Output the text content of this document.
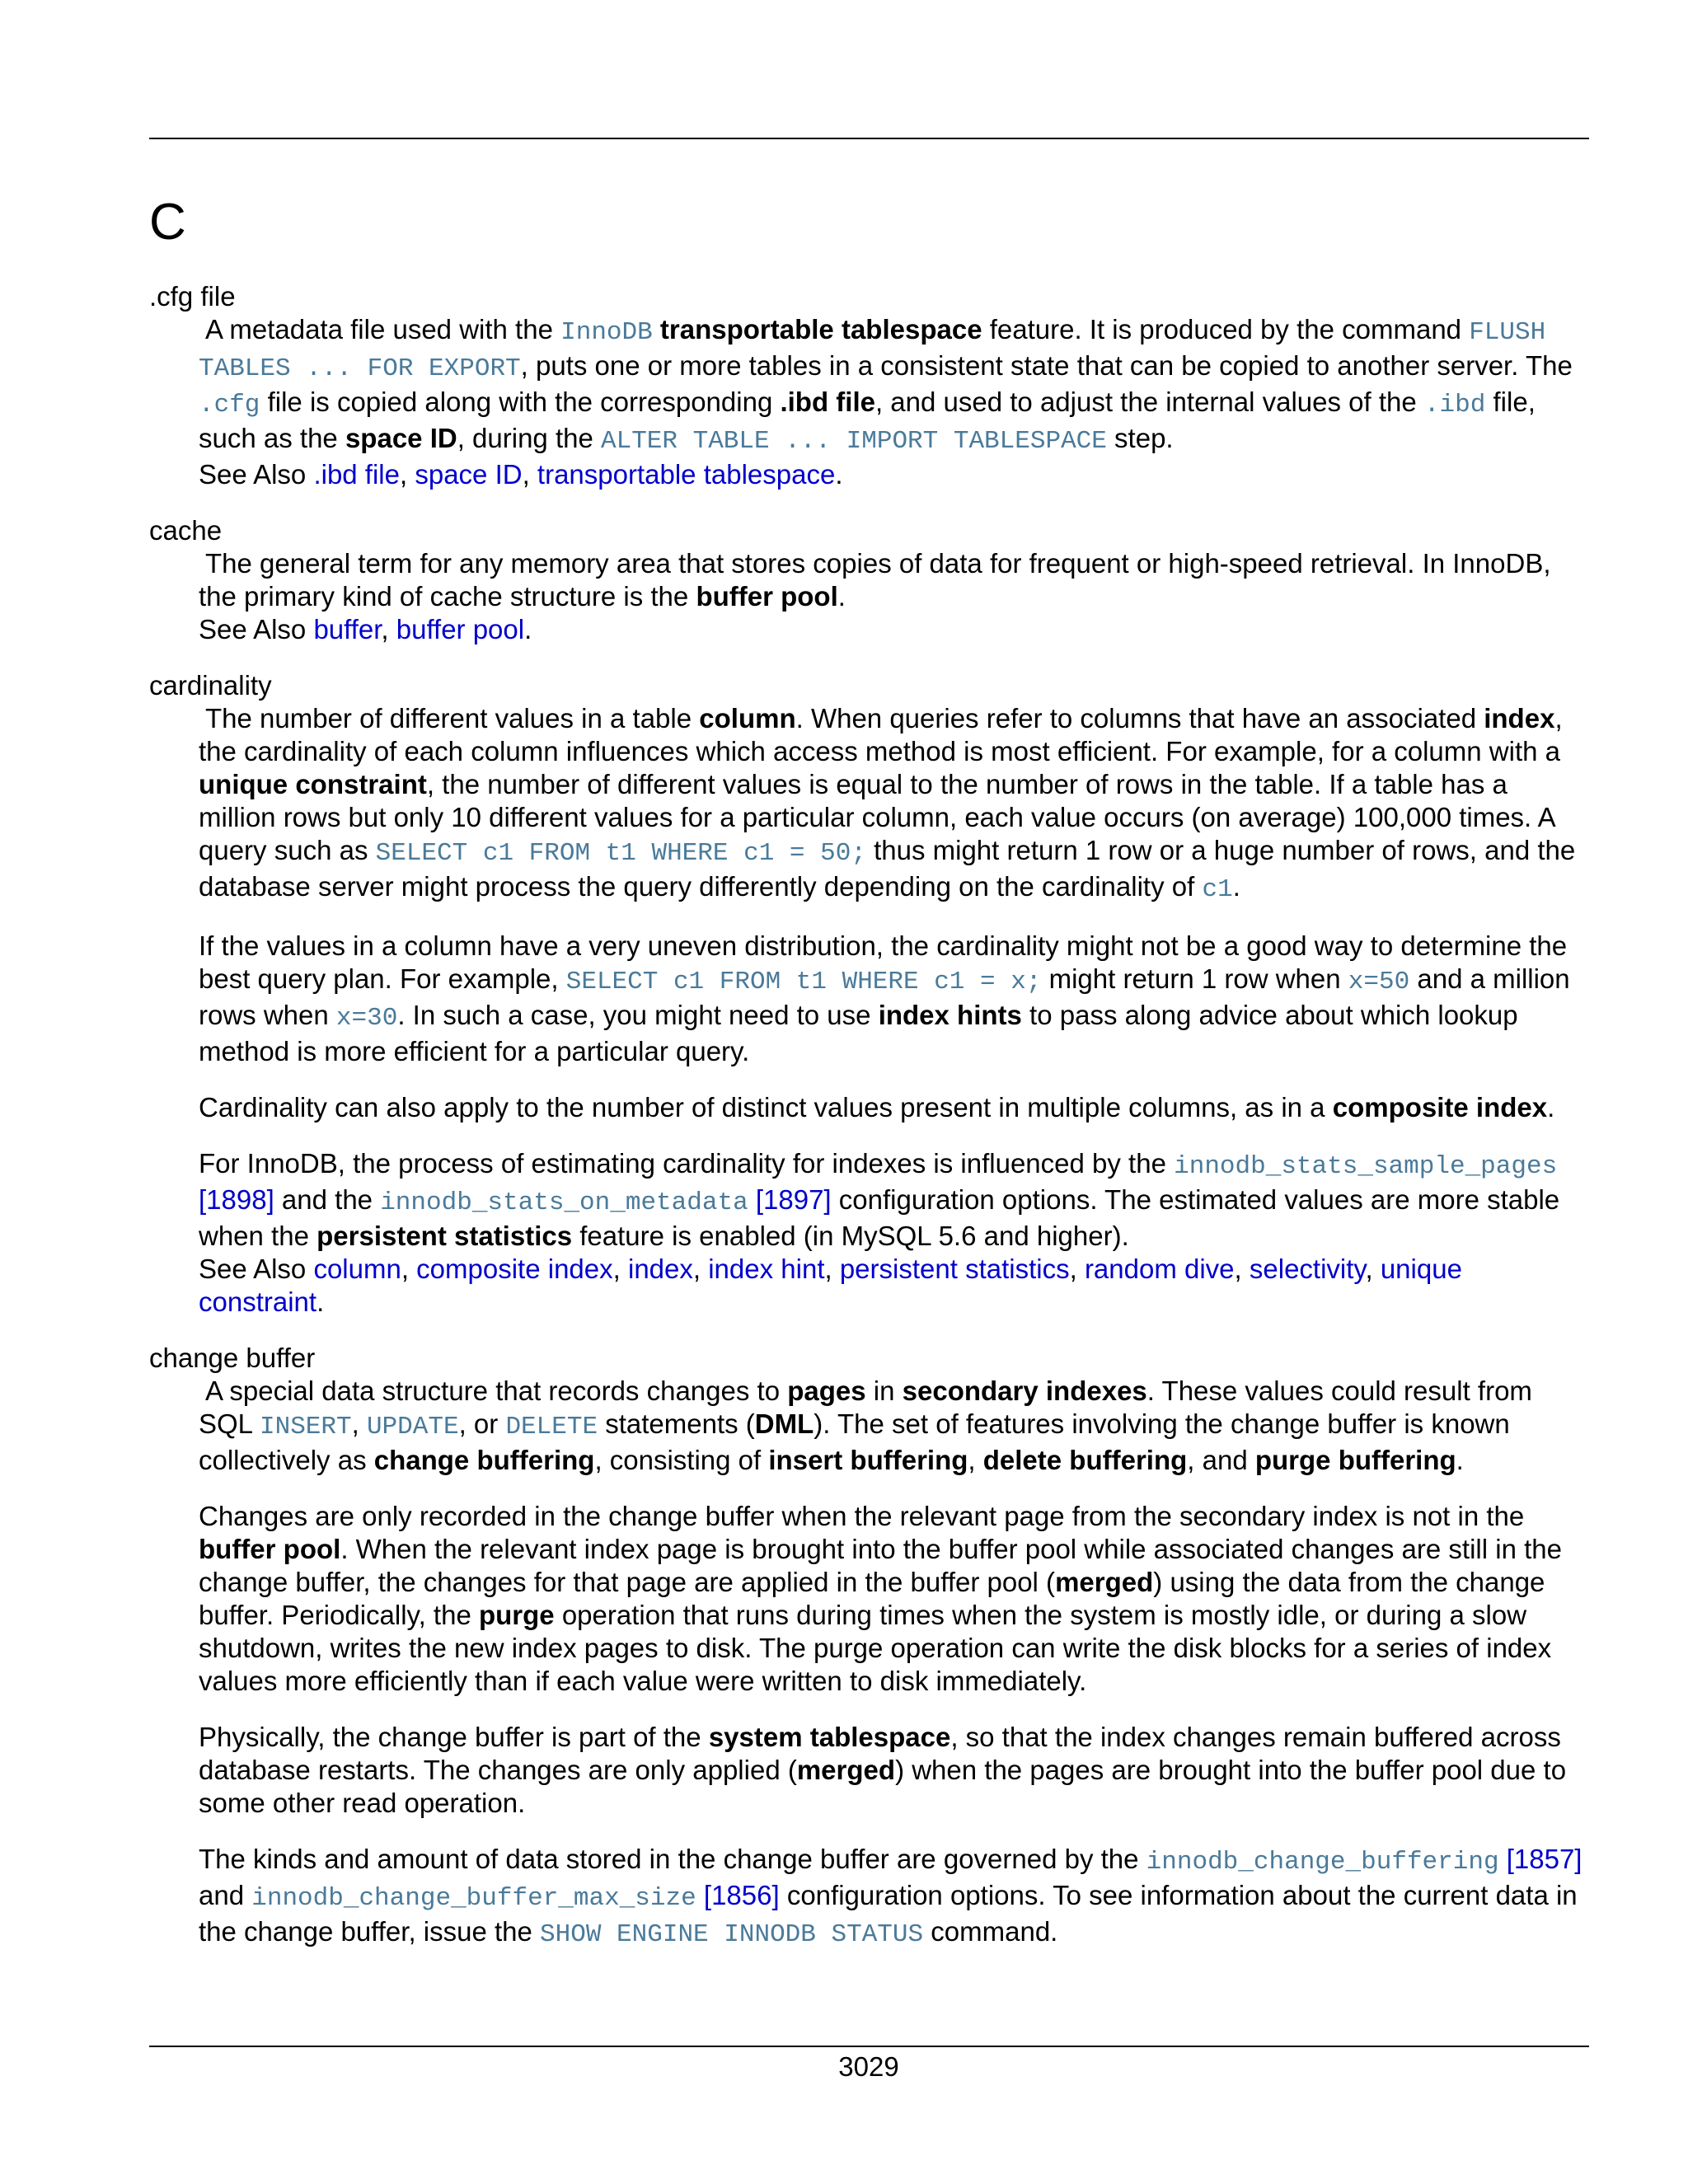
C

.cfg file

A metadata file used with the InnoDB transportable tablespace feature. It is produced by the command FLUSH TABLES ... FOR EXPORT, puts one or more tables in a consistent state that can be copied to another server. The .cfg file is copied along with the corresponding .ibd file, and used to adjust the internal values of the .ibd file, such as the space ID, during the ALTER TABLE ... IMPORT TABLESPACE step.

See Also .ibd file, space ID, transportable tablespace.

cache

The general term for any memory area that stores copies of data for frequent or high-speed retrieval. In InnoDB, the primary kind of cache structure is the buffer pool.

See Also buffer, buffer pool.

cardinality

The number of different values in a table column. When queries refer to columns that have an associated index, the cardinality of each column influences which access method is most efficient. For example, for a column with a unique constraint, the number of different values is equal to the number of rows in the table. If a table has a million rows but only 10 different values for a particular column, each value occurs (on average) 100,000 times. A query such as SELECT c1 FROM t1 WHERE c1 = 50; thus might return 1 row or a huge number of rows, and the database server might process the query differently depending on the cardinality of c1.

If the values in a column have a very uneven distribution, the cardinality might not be a good way to determine the best query plan. For example, SELECT c1 FROM t1 WHERE c1 = x; might return 1 row when x=50 and a million rows when x=30. In such a case, you might need to use index hints to pass along advice about which lookup method is more efficient for a particular query.

Cardinality can also apply to the number of distinct values present in multiple columns, as in a composite index.

For InnoDB, the process of estimating cardinality for indexes is influenced by the innodb_stats_sample_pages [1898] and the innodb_stats_on_metadata [1897] configuration options. The estimated values are more stable when the persistent statistics feature is enabled (in MySQL 5.6 and higher).

See Also column, composite index, index, index hint, persistent statistics, random dive, selectivity, unique constraint.

change buffer

A special data structure that records changes to pages in secondary indexes. These values could result from SQL INSERT, UPDATE, or DELETE statements (DML). The set of features involving the change buffer is known collectively as change buffering, consisting of insert buffering, delete buffering, and purge buffering.

Changes are only recorded in the change buffer when the relevant page from the secondary index is not in the buffer pool. When the relevant index page is brought into the buffer pool while associated changes are still in the change buffer, the changes for that page are applied in the buffer pool (merged) using the data from the change buffer. Periodically, the purge operation that runs during times when the system is mostly idle, or during a slow shutdown, writes the new index pages to disk. The purge operation can write the disk blocks for a series of index values more efficiently than if each value were written to disk immediately.

Physically, the change buffer is part of the system tablespace, so that the index changes remain buffered across database restarts. The changes are only applied (merged) when the pages are brought into the buffer pool due to some other read operation.

The kinds and amount of data stored in the change buffer are governed by the innodb_change_buffering [1857] and innodb_change_buffer_max_size [1856] configuration options. To see information about the current data in the change buffer, issue the SHOW ENGINE INNODB STATUS command.

3029
